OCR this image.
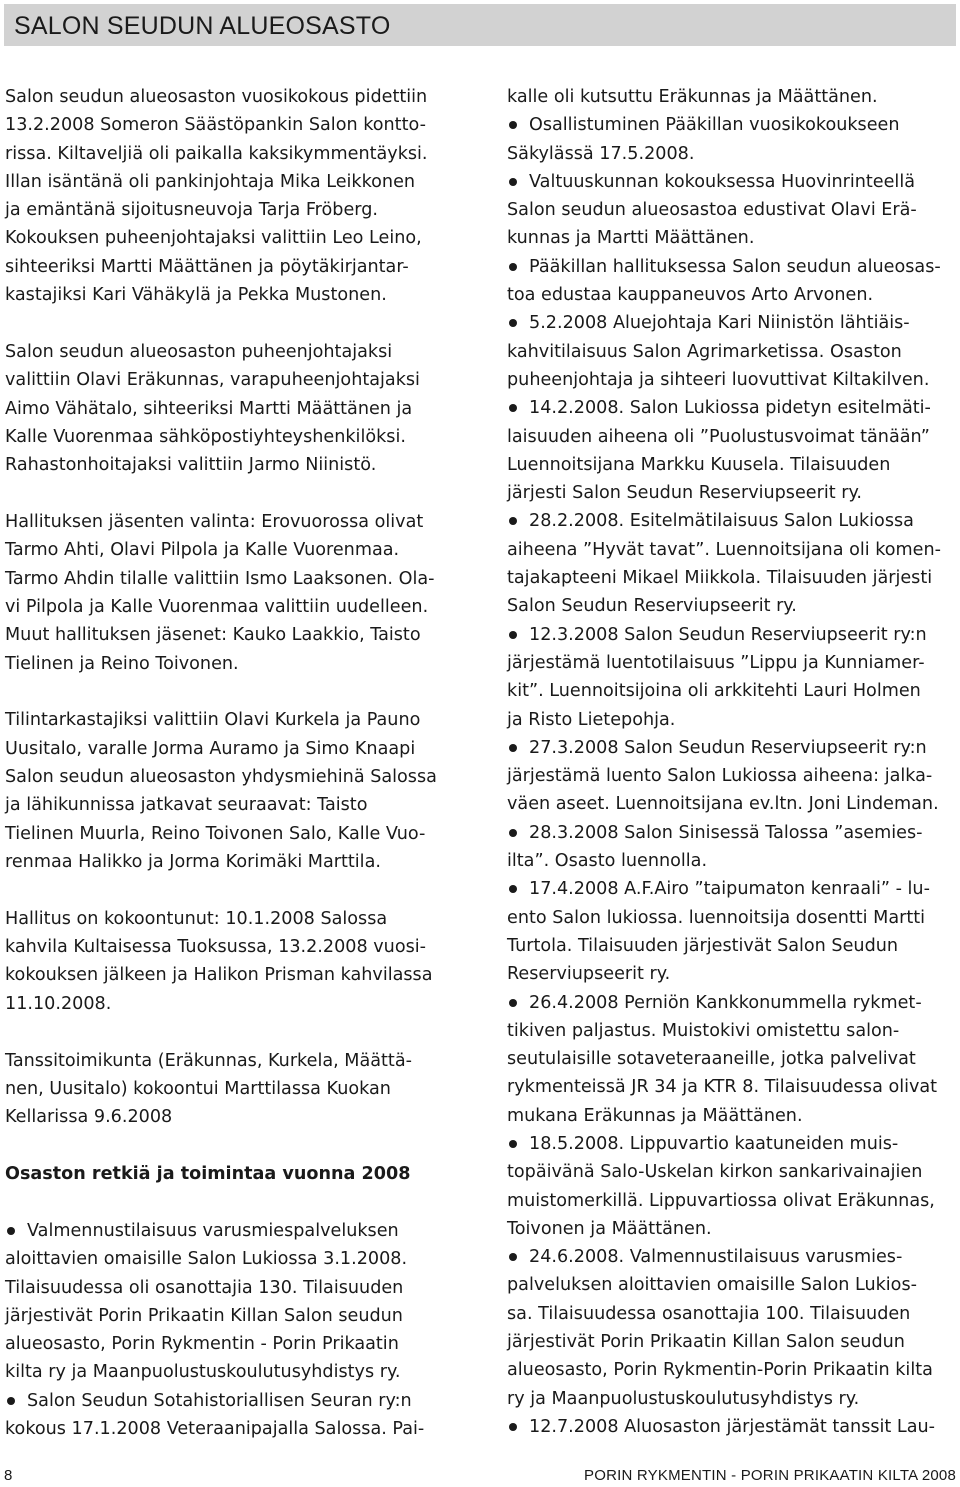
SALON SEUDUN ALUEOSASTO
Salon seudun alueosaston vuosikokous pidettiin
13.2.2008 Someron Säästöpankin Salon kontto-
rissa. Kiltaveljiä oli paikalla kaksikymmentäyksi.
Illan isäntänä oli pankinjohtaja Mika Leikkonen
ja emäntänä sijoitusneuvoja Tarja Fröberg.
Kokouksen puheenjohtajaksi valittiin Leo Leino,
sihteeriksi Martti Määttänen ja pöytäkirjantar-
kastajiksi Kari Vähäkylä ja Pekka Mustonen.
Salon seudun alueosaston puheenjohtajaksi
valittiin Olavi Eräkunnas, varapuheenjohtajaksi
Aimo Vähätalo, sihteeriksi Martti Määttänen ja
Kalle Vuorenmaa sähköpostiyhteyshenkilöksi.
Rahastonhoitajaksi valittiin Jarmo Niinistö.
Hallituksen jäsenten valinta: Erovuorossa olivat
Tarmo Ahti, Olavi Pilpola ja Kalle Vuorenmaa.
Tarmo Ahdin tilalle valittiin Ismo Laaksonen. Ola-
vi Pilpola ja Kalle Vuorenmaa valittiin uudelleen.
Muut hallituksen jäsenet: Kauko Laakkio, Taisto
Tielinen ja Reino Toivonen.
Tilintarkastajiksi valittiin Olavi Kurkela ja Pauno
Uusitalo, varalle Jorma Auramo ja Simo Knaapi
Salon seudun alueosaston yhdysmiehinä Salossa
ja lähikunnissa jatkavat seuraavat: Taisto
Tielinen Muurla, Reino Toivonen Salo, Kalle Vuo-
renmaa Halikko ja Jorma Korimäki Marttila.
Hallitus on kokoontunut: 10.1.2008 Salossa
kahvila Kultaisessa Tuoksussa, 13.2.2008 vuosi-
kokouksen jälkeen ja Halikon Prisman kahvilassa
11.10.2008.
Tanssitoimikunta (Eräkunnas, Kurkela, Määttä-
nen, Uusitalo) kokoontui Marttilassa Kuokan
Kellarissa 9.6.2008
Osaston retkiä ja toimintaa vuonna 2008
Valmennustilaisuus varusmiespalveluksen
aloittavien omaisille Salon Lukiossa 3.1.2008.
Tilaisuudessa oli osanottajia 130. Tilaisuuden
järjestivät Porin Prikaatin Killan Salon seudun
alueosasto, Porin Rykmentin - Porin Prikaatin
kilta ry ja Maanpuolustuskoulutusyhdistys ry.
Salon Seudun Sotahistoriallisen Seuran ry:n
kokous 17.1.2008 Veteraanipajalla Salossa. Pai-
kalle oli kutsuttu Eräkunnas ja Määttänen.
Osallistuminen Pääkillan vuosikokoukseen
Säkylässä 17.5.2008.
Valtuuskunnan kokouksessa Huovinrinteellä
Salon seudun alueosastoa edustivat Olavi Erä-
kunnas ja Martti Määttänen.
Pääkillan hallituksessa Salon seudun alueosas-
toa edustaa kauppaneuvos Arto Arvonen.
5.2.2008 Aluejohtaja Kari Niinistön lähtiäis-
kahvitilaisuus Salon Agrimarketissa. Osaston
puheenjohtaja ja sihteeri luovuttivat Kiltakilven.
14.2.2008. Salon Lukiossa pidetyn esitelmäti-
laisuuden aiheena oli ”Puolustusvoimat tänään”
Luennoitsijana Markku Kuusela. Tilaisuuden
järjesti Salon Seudun Reserviupseerit ry.
28.2.2008. Esitelmätilaisuus Salon Lukiossa
aiheena ”Hyvät tavat”. Luennoitsijana oli komen-
tajakapteeni Mikael Miikkola. Tilaisuuden järjesti
Salon Seudun Reserviupseerit ry.
12.3.2008 Salon Seudun Reserviupseerit ry:n
järjestämä luentotilaisuus ”Lippu ja Kunniamer-
kit”. Luennoitsijoina oli arkkitehti Lauri Holmen
ja Risto Lietepohja.
27.3.2008 Salon Seudun Reserviupseerit ry:n
järjestämä luento Salon Lukiossa aiheena: jalka-
väen aseet. Luennoitsijana ev.ltn. Joni Lindeman.
28.3.2008 Salon Sinisessä Talossa ”asemies-
ilta”. Osasto luennolla.
17.4.2008 A.F.Airo ”taipumaton kenraali” - lu-
ento Salon lukiossa. luennoitsija dosentti Martti
Turtola. Tilaisuuden järjestivät Salon Seudun
Reserviupseerit ry.
26.4.2008 Perniön Kankkonummella rykmet-
tikiven paljastus. Muistokivi omistettu salon-
seutulaisille sotaveteraaneille, jotka palvelivat
rykmenteissä JR 34 ja KTR 8. Tilaisuudessa olivat
mukana Eräkunnas ja Määttänen.
18.5.2008. Lippuvartio kaatuneiden muis-
topäivänä Salo-Uskelan kirkon sankarivainajien
muistomerkillä. Lippuvartiossa olivat Eräkunnas,
Toivonen ja Määttänen.
24.6.2008. Valmennustilaisuus varusmies-
palveluksen aloittavien omaisille Salon Lukios-
sa. Tilaisuudessa osanottajia 100. Tilaisuuden
järjestivät Porin Prikaatin Killan Salon seudun
alueosasto, Porin Rykmentin-Porin Prikaatin kilta
ry ja Maanpuolustuskoulutusyhdistys ry.
12.7.2008 Aluosaston järjestämät tanssit Lau-
8	PORIN RYKMENTIN - PORIN PRIKAATIN KILTA 2008
